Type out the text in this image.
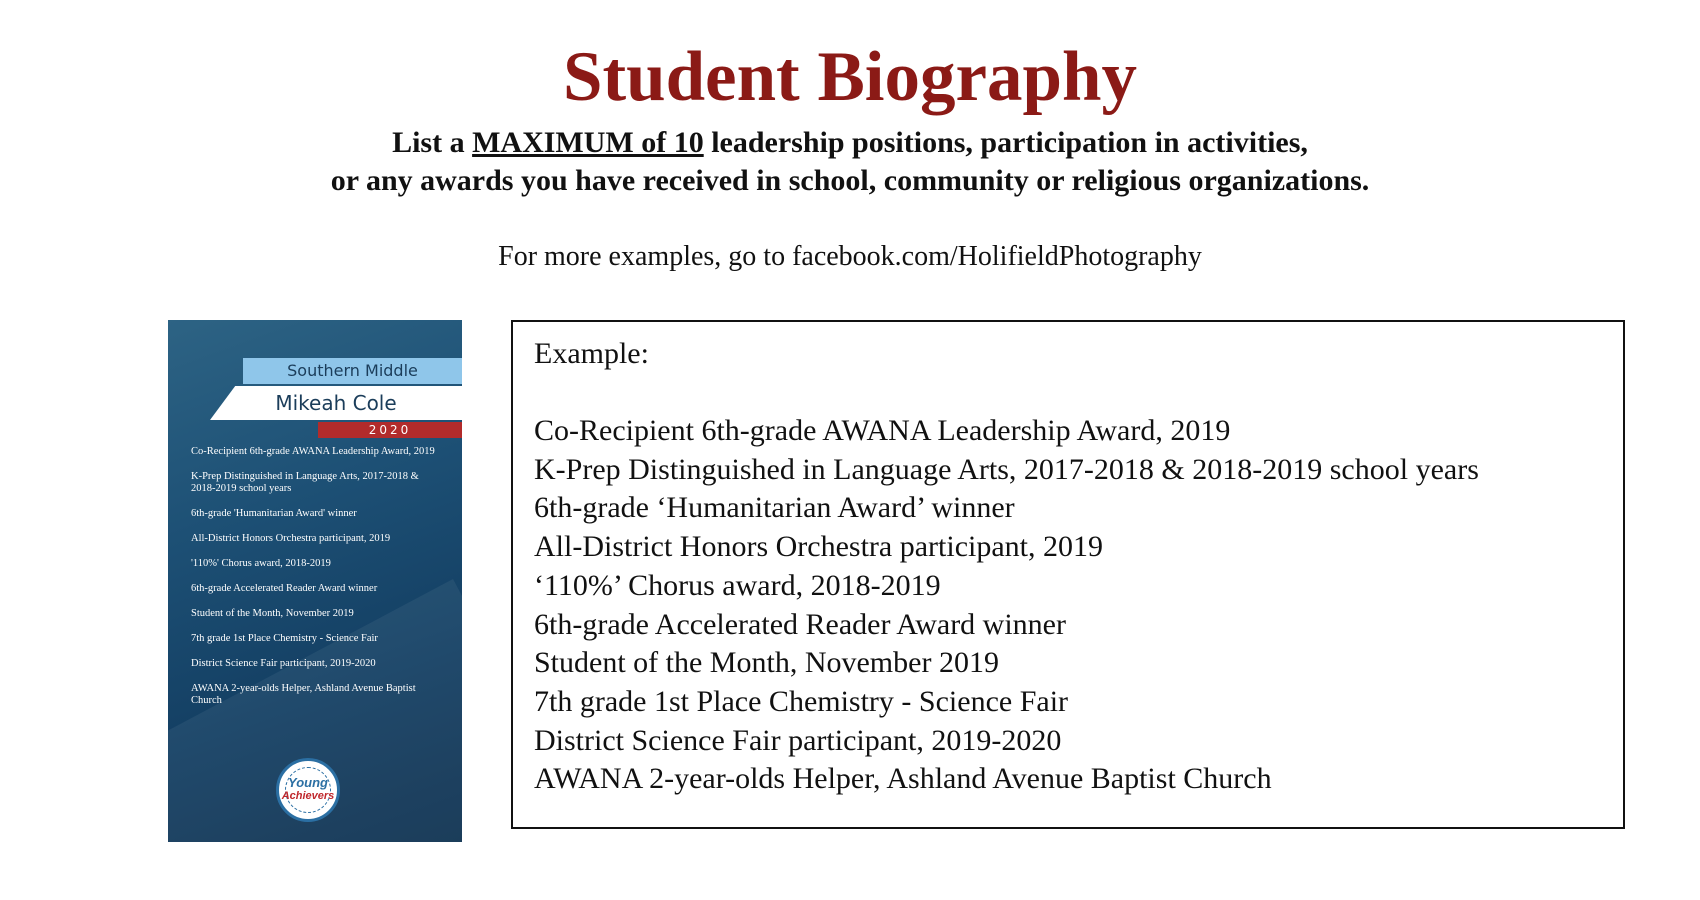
Student Biography
List a MAXIMUM of 10 leadership positions, participation in activities,
or any awards you have received in school, community or religious organizations.
For more examples, go to facebook.com/HolifieldPhotography
Southern Middle
Mikeah Cole
2020
Co-Recipient 6th-grade AWANA Leadership Award, 2019
K-Prep Distinguished in Language Arts, 2017-2018 & 2018-2019 school years
6th-grade 'Humanitarian Award' winner
All-District Honors Orchestra participant, 2019
'110%' Chorus award, 2018-2019
6th-grade Accelerated Reader Award winner
Student of the Month, November 2019
7th grade 1st Place Chemistry - Science Fair
District Science Fair participant, 2019-2020
AWANA 2-year-olds Helper, Ashland Avenue Baptist Church
Young
Achievers
Example:
Co-Recipient 6th-grade AWANA Leadership Award, 2019
K-Prep Distinguished in Language Arts, 2017-2018 & 2018-2019 school years
6th-grade ‘Humanitarian Award’ winner
All-District Honors Orchestra participant, 2019
‘110%’ Chorus award, 2018-2019
6th-grade Accelerated Reader Award winner
Student of the Month, November 2019
7th grade 1st Place Chemistry - Science Fair
District Science Fair participant, 2019-2020
AWANA 2-year-olds Helper, Ashland Avenue Baptist Church
